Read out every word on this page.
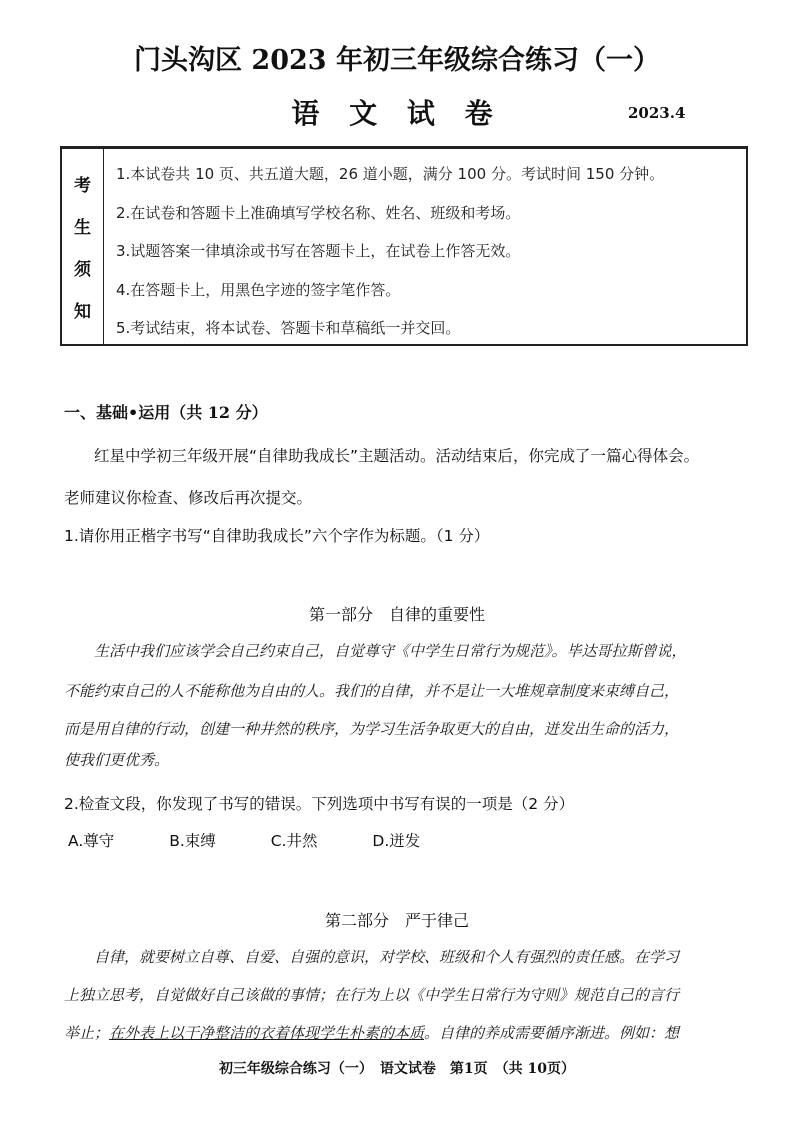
门头沟区 2023 年初三年级综合练习（一）
语 文 试 卷	2023.4
考
生
须
知
1.本试卷共 10 页、共五道大题，26 道小题，满分 100 分。考试时间 150 分钟。
2.在试卷和答题卡上准确填写学校名称、姓名、班级和考场。
3.试题答案一律填涂或书写在答题卡上，在试卷上作答无效。
4.在答题卡上，用黑色字迹的签字笔作答。
5.考试结束，将本试卷、答题卡和草稿纸一并交回。
一、基础•运用（共 12 分）
红星中学初三年级开展“自律助我成长”主题活动。活动结束后，你完成了一篇心得体会。
老师建议你检查、修改后再次提交。
1.请你用正楷字书写“自律助我成长”六个字作为标题。（1 分）
第一部分　自律的重要性
生活中我们应该学会自己约束自己，自觉尊守《中学生日常行为规范》。毕达哥拉斯曾说，
不能约束自己的人不能称他为自由的人。我们的自律，并不是让一大堆规章制度来束缚自己，
而是用自律的行动，创建一种井然的秩序，为学习生活争取更大的自由，迸发出生命的活力，
使我们更优秀。
2.检查文段，你发现了书写的错误。下列选项中书写有误的一项是（2 分）
A.尊守	B.束缚	C.井然	D.迸发
第二部分　严于律己
自律，就要树立自尊、自爱、自强的意识，对学校、班级和个人有强烈的责任感。在学习
上独立思考，自觉做好自己该做的事情；在行为上以《中学生日常行为守则》规范自己的言行
举止；在外表上以干净整洁的衣着体现学生朴素的本质。自律的养成需要循序渐进。例如：想
初三年级综合练习（一）　语文试卷　第1页　（共 10页）
